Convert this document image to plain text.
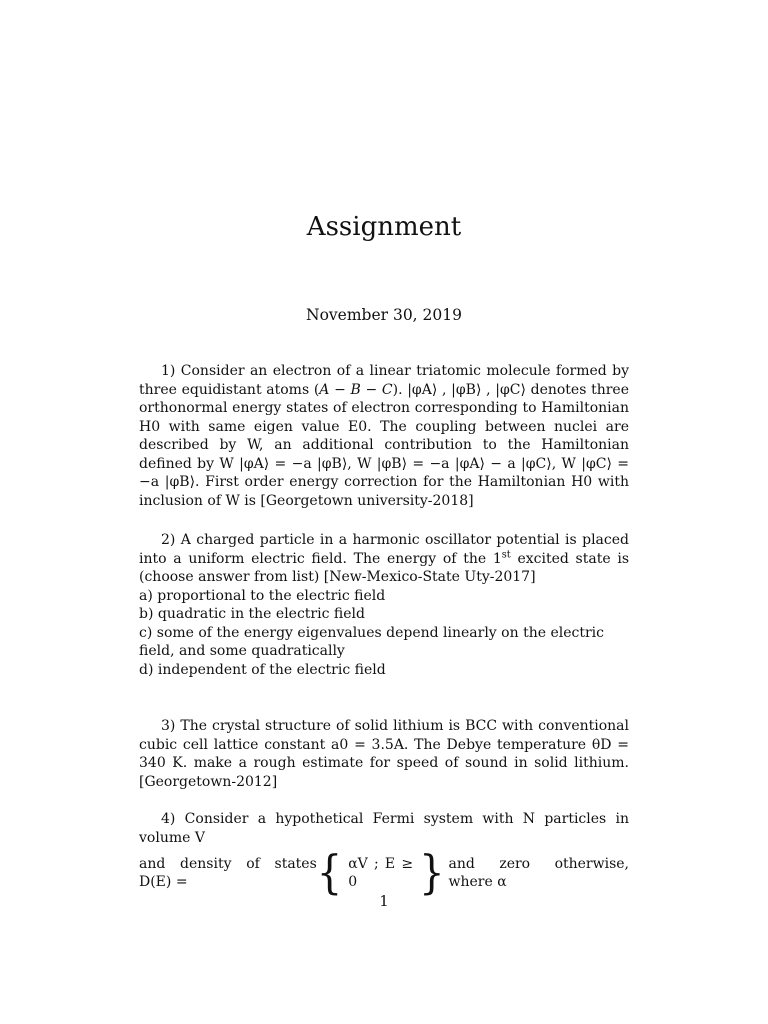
Assignment
November 30, 2019

1) Consider an electron of a linear triatomic molecule formed by three equidistant atoms (A − B − C). |φA⟩ , |φB⟩ , |φC⟩ denotes three orthonormal energy states of electron corresponding to Hamiltonian H0 with same eigen value E0. The coupling between nuclei are described by W, an additional contribution to the Hamiltonian defined by W |φA⟩ = −a |φB⟩, W |φB⟩ = −a |φA⟩ − a |φC⟩, W |φC⟩ = −a |φB⟩. First order energy correction for the Hamiltonian H0 with inclusion of W is [Georgetown university-2018]

2) A charged particle in a harmonic oscillator potential is placed into a uniform electric field. The energy of the 1st excited state is (choose answer from list) [New-Mexico-State Uty-2017]

a) proportional to the electric field
b) quadratic in the electric field
c) some of the energy eigenvalues depend linearly on the electric field, and some quadratically
d) independent of the electric field

3) The crystal structure of solid lithium is BCC with conventional cubic cell lattice constant a0 = 3.5A. The Debye temperature θD = 340 K. make a rough estimate for speed of sound in solid lithium. [Georgetown-2012]

4) Consider a hypothetical Fermi system with N particles in volume V

and density of states D(E) =	{ αV ; E ≥ 0	} and zero otherwise, where α
1
